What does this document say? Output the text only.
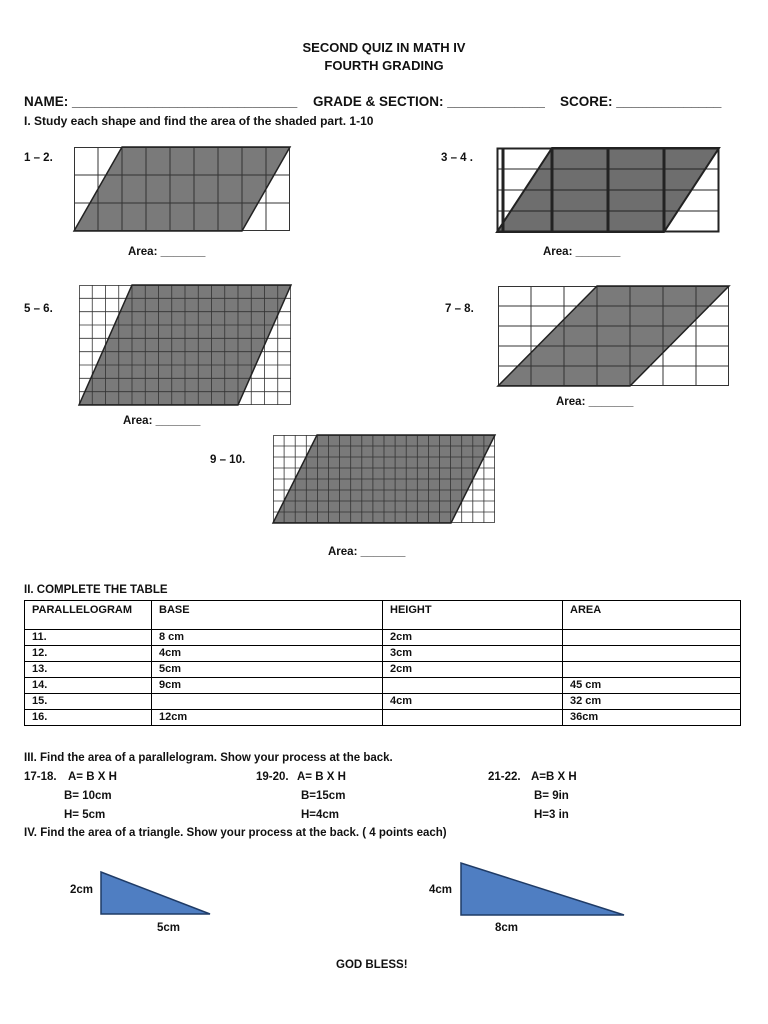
SECOND QUIZ IN MATH IV
FOURTH GRADING
NAME: ______________________________ GRADE & SECTION: _____________ SCORE: ______________
I. Study each shape and find the area of the shaded part. 1-10
1 – 2.	3 – 4 .
5 – 6.	7 – 8.
9 – 10.
Area: _______	Area: _______
Area: _______
Area: _______
Area: _______
II. COMPLETE THE TABLE
PARALLELOGRAM	BASE	HEIGHT	AREA
11.	8 cm	2cm	
12.	4cm	3cm	
13.	5cm	2cm	
14.	9cm		45 cm
15.		4cm	32 cm
16.	12cm		36cm
III. Find the area of a parallelogram. Show your process at the back.
17-18. A= B X H
B= 10cm
H= 5cm
19-20. A= B X H
B=15cm
H=4cm
21-22. A=B X H
B= 9in
H=3 in
IV. Find the area of a triangle. Show your process at the back. ( 4 points each)
2cm
5cm
4cm
8cm
GOD BLESS!
